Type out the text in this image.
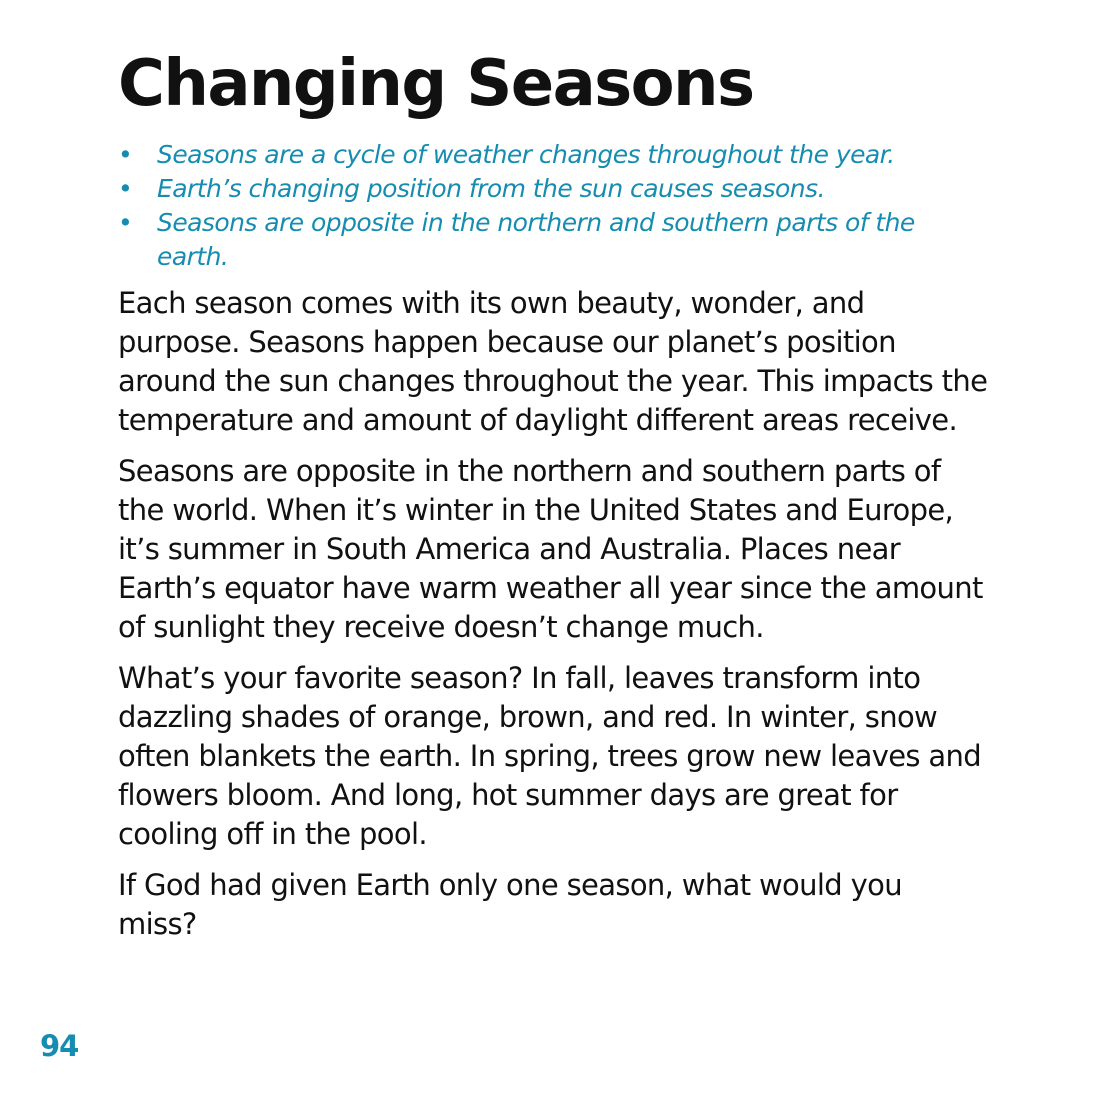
Changing Seasons
• Seasons are a cycle of weather changes throughout the year.
• Earth’s changing position from the sun causes seasons.
• Seasons are opposite in the northern and southern parts of the earth.

Each season comes with its own beauty, wonder, and purpose. Seasons happen because our planet’s position around the sun changes throughout the year. This impacts the temperature and amount of daylight different areas receive.

Seasons are opposite in the northern and southern parts of the world. When it’s winter in the United States and Europe, it’s summer in South America and Australia. Places near Earth’s equator have warm weather all year since the amount of sunlight they receive doesn’t change much.

What’s your favorite season? In fall, leaves transform into dazzling shades of orange, brown, and red. In winter, snow often blankets the earth. In spring, trees grow new leaves and flowers bloom. And long, hot summer days are great for cooling off in the pool.

If God had given Earth only one season, what would you miss?

94
